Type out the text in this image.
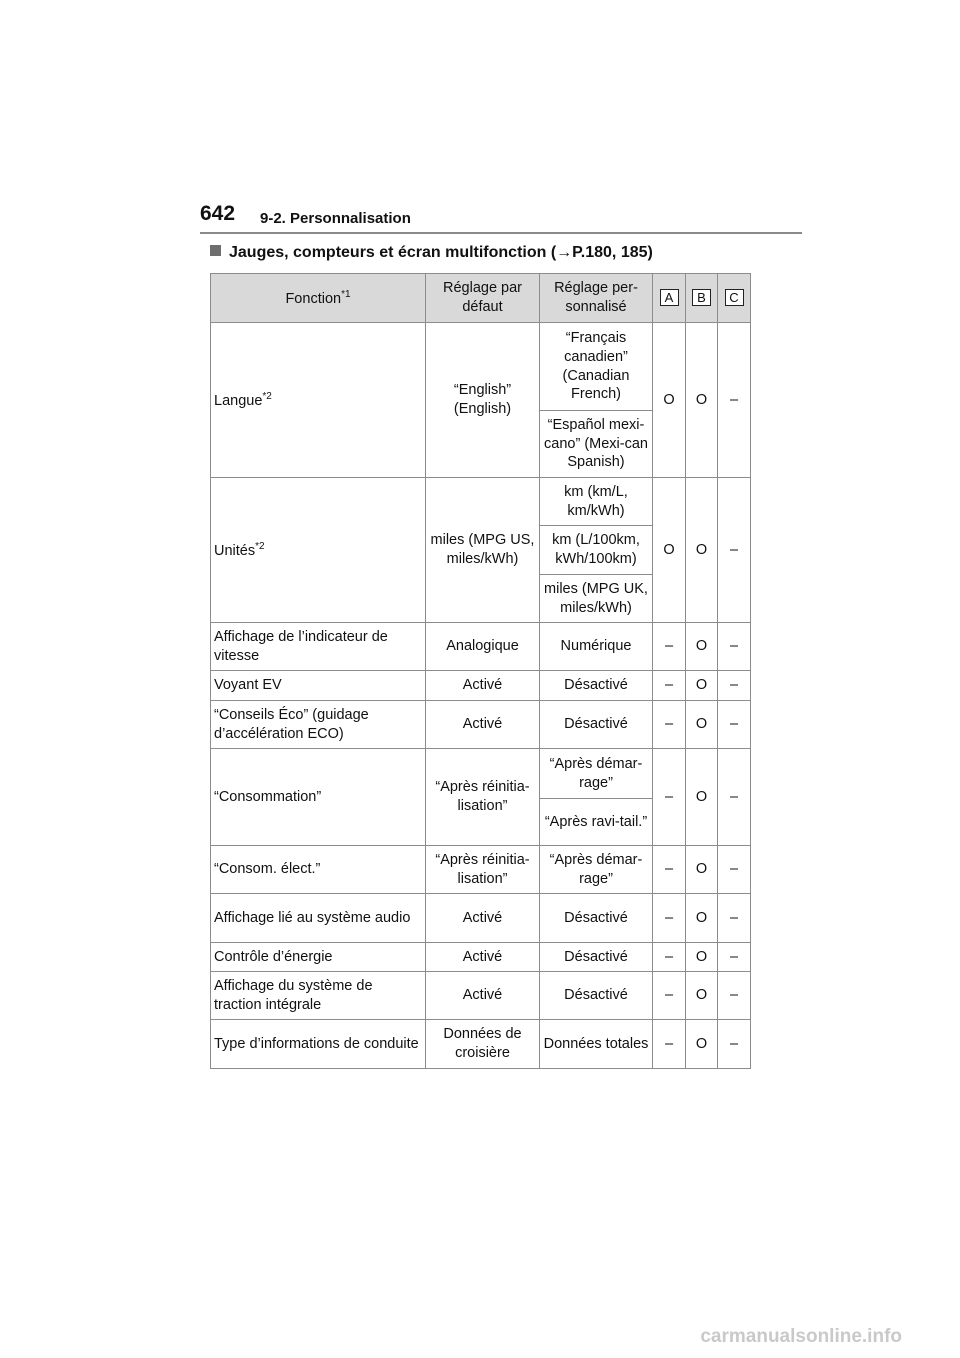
642 9-2. Personnalisation
Jauges, compteurs et écran multifonction (→P.180, 185)
Fonction$^{*1}$	Réglage par défaut	Réglage per-sonnalisé	A	B	C
Langue$^{*2}$	“English” (English)	“Français canadien” (Canadian French)	O	O	–
		“Español mexi-cano” (Mexi-can Spanish)			
Unités$^{*2}$	miles (MPG US, miles/kWh)	km (km/L, km/kWh)	O	O	–
		km (L/100km, kWh/100km)			
		miles (MPG UK, miles/kWh)			
Affichage de l’indicateur de vitesse	Analogique	Numérique	–	O	–
Voyant EV	Activé	Désactivé	–	O	–
“Conseils Éco” (guidage d’accélération ECO)	Activé	Désactivé	–	O	–
“Consommation”	“Après réinitia-lisation”	“Après démar-rage”	–	O	–
		“Après ravi-tail.”			
“Consom. élect.”	“Après réinitia-lisation”	“Après démar-rage”	–	O	–
Affichage lié au système audio	Activé	Désactivé	–	O	–
Contrôle d’énergie	Activé	Désactivé	–	O	–
Affichage du système de traction intégrale	Activé	Désactivé	–	O	–
Type d’informations de conduite	Données de croisière	Données totales	–	O	–
carmanualsonline.info
